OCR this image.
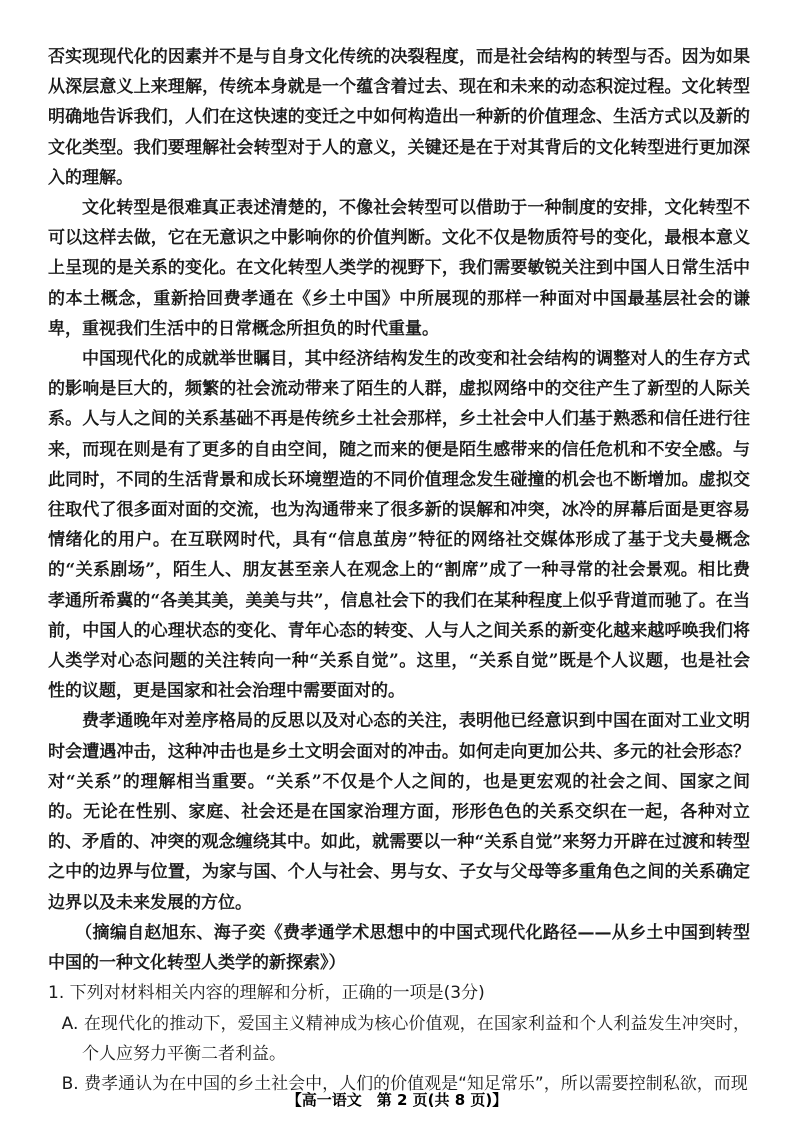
否实现现代化的因素并不是与自身文化传统的决裂程度，而是社会结构的转型与否。因为如果从深层意义上来理解，传统本身就是一个蕴含着过去、现在和未来的动态积淀过程。文化转型明确地告诉我们，人们在这快速的变迁之中如何构造出一种新的价值理念、生活方式以及新的文化类型。我们要理解社会转型对于人的意义，关键还是在于对其背后的文化转型进行更加深入的理解。

文化转型是很难真正表述清楚的，不像社会转型可以借助于一种制度的安排，文化转型不可以这样去做，它在无意识之中影响你的价值判断。文化不仅是物质符号的变化，最根本意义上呈现的是关系的变化。在文化转型人类学的视野下，我们需要敏锐关注到中国人日常生活中的本土概念，重新拾回费孝通在《乡土中国》中所展现的那样一种面对中国最基层社会的谦卑，重视我们生活中的日常概念所担负的时代重量。

中国现代化的成就举世瞩目，其中经济结构发生的改变和社会结构的调整对人的生存方式的影响是巨大的，频繁的社会流动带来了陌生的人群，虚拟网络中的交往产生了新型的人际关系。人与人之间的关系基础不再是传统乡土社会那样，乡土社会中人们基于熟悉和信任进行往来，而现在则是有了更多的自由空间，随之而来的便是陌生感带来的信任危机和不安全感。与此同时，不同的生活背景和成长环境塑造的不同价值理念发生碰撞的机会也不断增加。虚拟交往取代了很多面对面的交流，也为沟通带来了很多新的误解和冲突，冰冷的屏幕后面是更容易情绪化的用户。在互联网时代，具有“信息茧房”特征的网络社交媒体形成了基于戈夫曼概念的“关系剧场”，陌生人、朋友甚至亲人在观念上的“割席”成了一种寻常的社会景观。相比费孝通所希冀的“各美其美，美美与共”，信息社会下的我们在某种程度上似乎背道而驰了。在当前，中国人的心理状态的变化、青年心态的转变、人与人之间关系的新变化越来越呼唤我们将人类学对心态问题的关注转向一种“关系自觉”。这里，“关系自觉”既是个人议题，也是社会性的议题，更是国家和社会治理中需要面对的。

费孝通晚年对差序格局的反思以及对心态的关注，表明他已经意识到中国在面对工业文明时会遭遇冲击，这种冲击也是乡土文明会面对的冲击。如何走向更加公共、多元的社会形态？对“关系”的理解相当重要。“关系”不仅是个人之间的，也是更宏观的社会之间、国家之间的。无论在性别、家庭、社会还是在国家治理方面，形形色色的关系交织在一起，各种对立的、矛盾的、冲突的观念缠绕其中。如此，就需要以一种“关系自觉”来努力开辟在过渡和转型之中的边界与位置，为家与国、个人与社会、男与女、子女与父母等多重角色之间的关系确定边界以及未来发展的方位。

（摘编自赵旭东、海子奕《费孝通学术思想中的中国式现代化路径——从乡土中国到转型中国的一种文化转型人类学的新探索》）

1. 下列对材料相关内容的理解和分析，正确的一项是(3分)

A. 在现代化的推动下，爱国主义精神成为核心价值观，在国家利益和个人利益发生冲突时，个人应努力平衡二者利益。

B. 费孝通认为在中国的乡土社会中，人们的价值观是“知足常乐”，所以需要控制私欲，而现

【高一语文　第 2 页(共 8 页)】
